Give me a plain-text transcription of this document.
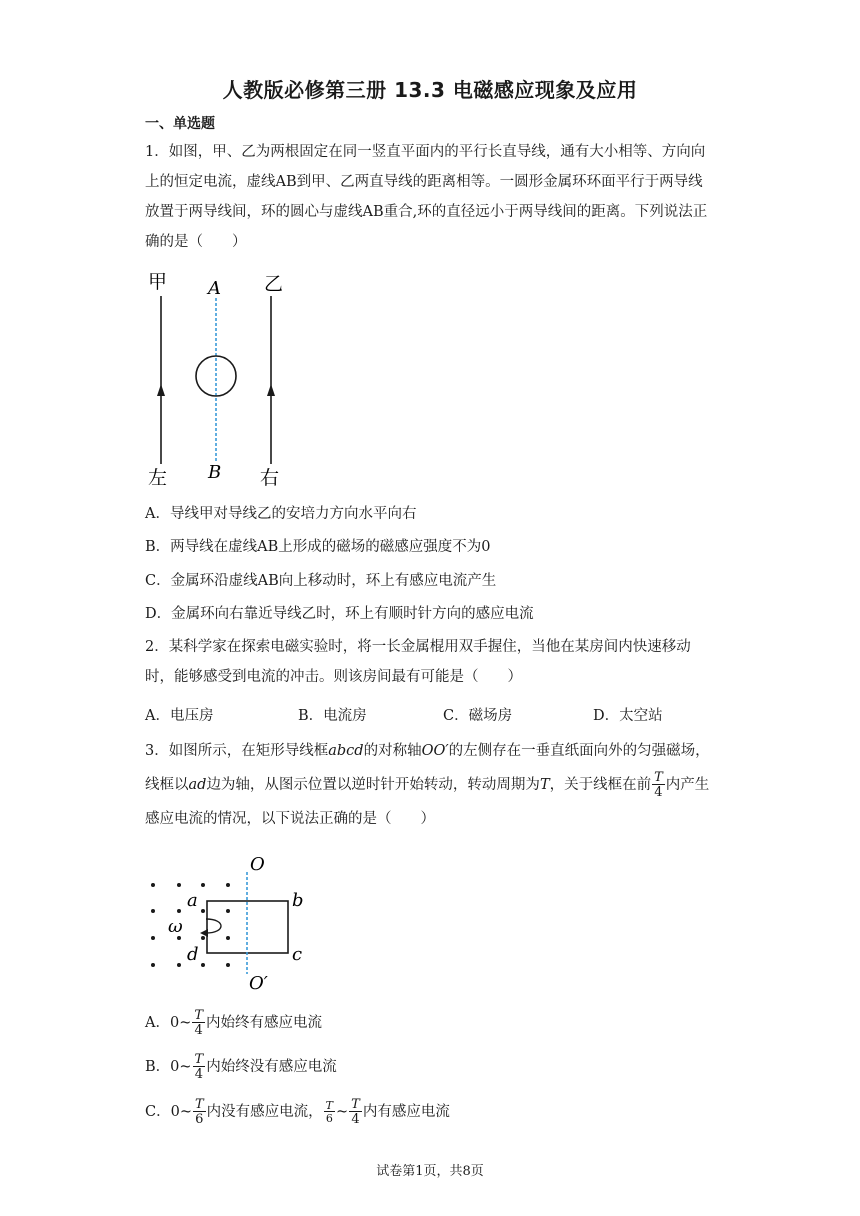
人教版必修第三册 13.3 电磁感应现象及应用
一、单选题
1．如图，甲、乙为两根固定在同一竖直平面内的平行长直导线，通有大小相等、方向向上的恒定电流，虚线AB到甲、乙两直导线的距离相等。一圆形金属环环面平行于两导线放置于两导线间，环的圆心与虚线AB重合,环的直径远小于两导线间的距离。下列说法正确的是（　　）
甲 A 乙
左 B 右
A．导线甲对导线乙的安培力方向水平向右
B．两导线在虚线AB上形成的磁场的磁感应强度不为0
C．金属环沿虚线AB向上移动时，环上有感应电流产生
D．金属环向右靠近导线乙时，环上有顺时针方向的感应电流
2．某科学家在探索电磁实验时，将一长金属棍用双手握住，当他在某房间内快速移动时，能够感受到电流的冲击。则该房间最有可能是（　　）
A．电压房	B．电流房	C．磁场房	D．太空站
3．如图所示，在矩形导线框abcd的对称轴OO′的左侧存在一垂直纸面向外的匀强磁场，线框以ad边为轴，从图示位置以逆时针开始转动，转动周期为T，关于线框在前 $\frac{T}{4}$ 内产生感应电流的情况，以下说法正确的是（　　）
O
a	b
ω
d	c
O′
A．0~ $\frac{T}{4}$ 内始终有感应电流
B．0~ $\frac{T}{4}$ 内始终没有感应电流
C．0~ $\frac{T}{6}$ 内没有感应电流， $\frac{T}{6}$ ~ $\frac{T}{4}$ 内有感应电流
试卷第1页，共8页
